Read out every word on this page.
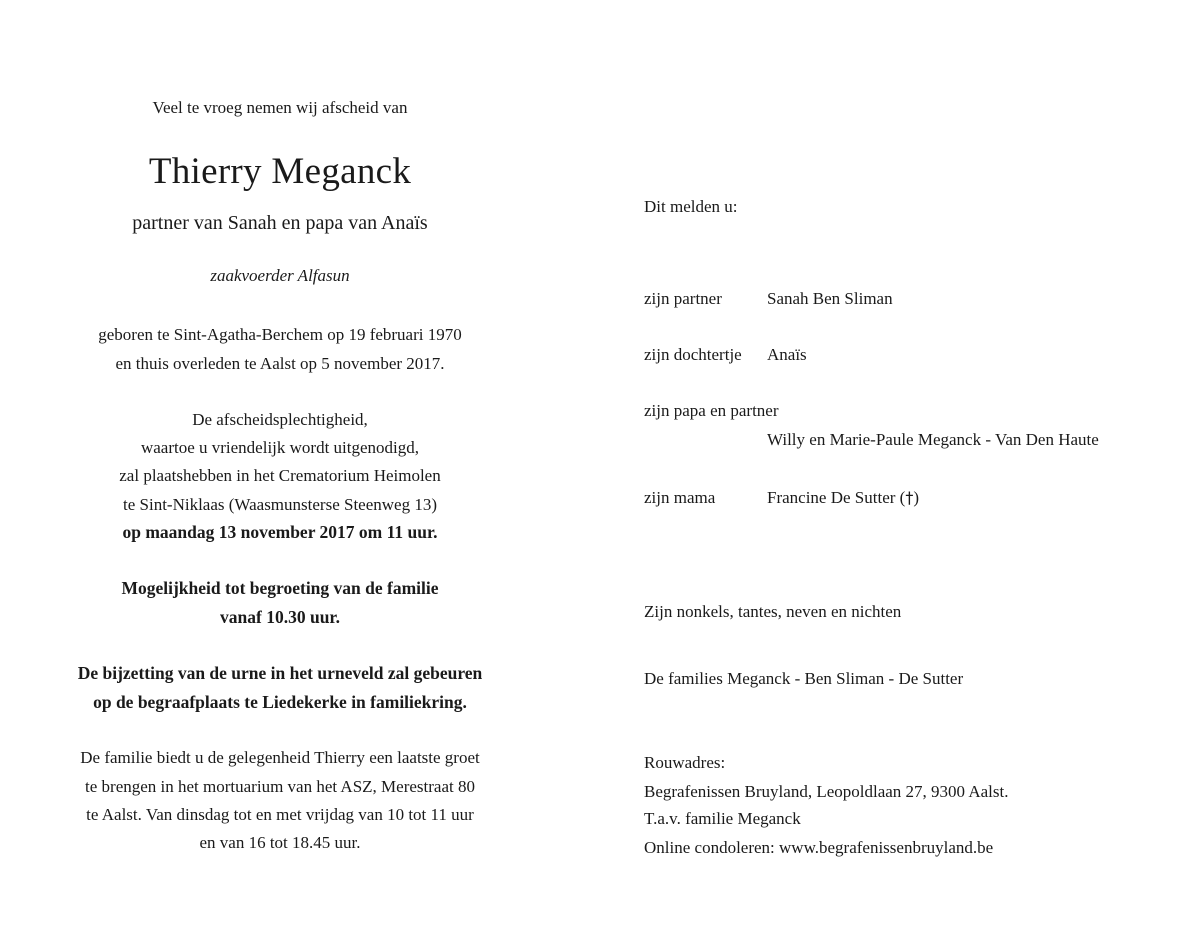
Veel te vroeg nemen wij afscheid van
Thierry Meganck
partner van Sanah en papa van Anaïs
zaakvoerder Alfasun
geboren te Sint-Agatha-Berchem op 19 februari 1970
en thuis overleden te Aalst op 5 november 2017.
De afscheidsplechtigheid,
waartoe u vriendelijk wordt uitgenodigd,
zal plaatshebben in het Crematorium Heimolen
te Sint-Niklaas (Waasmunsterse Steenweg 13)
op maandag 13 november 2017 om 11 uur.
Mogelijkheid tot begroeting van de familie
vanaf 10.30 uur.
De bijzetting van de urne in het urneveld zal gebeuren
op de begraafplaats te Liedekerke in familiekring.
De familie biedt u de gelegenheid Thierry een laatste groet
te brengen in het mortuarium van het ASZ, Merestraat 80
te Aalst. Van dinsdag tot en met vrijdag van 10 tot 11 uur
en van 16 tot 18.45 uur.
Dit melden u:
zijn partner	Sanah Ben Sliman
zijn dochtertje Anaïs
zijn papa en partner
Willy en Marie-Paule Meganck - Van Den Haute
zijn mama	Francine De Sutter (†)
Zijn nonkels, tantes, neven en nichten
De families Meganck - Ben Sliman - De Sutter
Rouwadres:
Begrafenissen Bruyland, Leopoldlaan 27, 9300 Aalst.
T.a.v. familie Meganck
Online condoleren: www.begrafenissenbruyland.be
